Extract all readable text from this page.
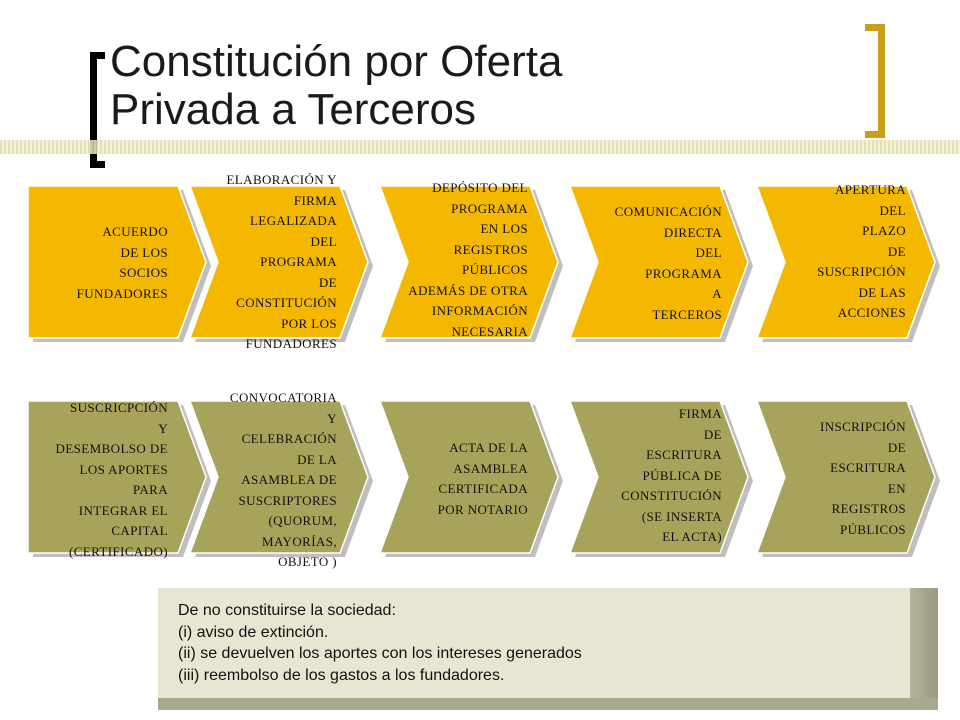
Constitución por Oferta
Privada a Terceros
ACUERDO
DE LOS
SOCIOS
FUNDADORES
ELABORACIÓN Y
FIRMA
LEGALIZADA
DEL
PROGRAMA
DE
CONSTITUCIÓN
POR LOS
FUNDADORES
DEPÓSITO DEL
PROGRAMA
EN LOS
REGISTROS
PÚBLICOS
ADEMÁS DE OTRA
INFORMACIÓN
NECESARIA
COMUNICACIÓN
DIRECTA
DEL
PROGRAMA
A
TERCEROS
APERTURA
DEL
PLAZO
DE
SUSCRIPCIÓN
DE LAS
ACCIONES
SUSCRICPCIÓN
Y
DESEMBOLSO DE
LOS APORTES
PARA
INTEGRAR EL
CAPITAL
(CERTIFICADO)
CONVOCATORIA
Y
CELEBRACIÓN
DE LA
ASAMBLEA DE
SUSCRIPTORES
(QUORUM,
MAYORÍAS,
OBJETO )
ACTA DE LA
ASAMBLEA
CERTIFICADA
POR NOTARIO
FIRMA
DE
ESCRITURA
PÚBLICA DE
CONSTITUCIÓN
(SE INSERTA
EL ACTA)
INSCRIPCIÓN
DE
ESCRITURA
EN
REGISTROS
PÚBLICOS
De no constituirse la sociedad:
(i) aviso de extinción.
(ii) se devuelven los aportes con los intereses generados
(iii) reembolso de los gastos a los fundadores.
